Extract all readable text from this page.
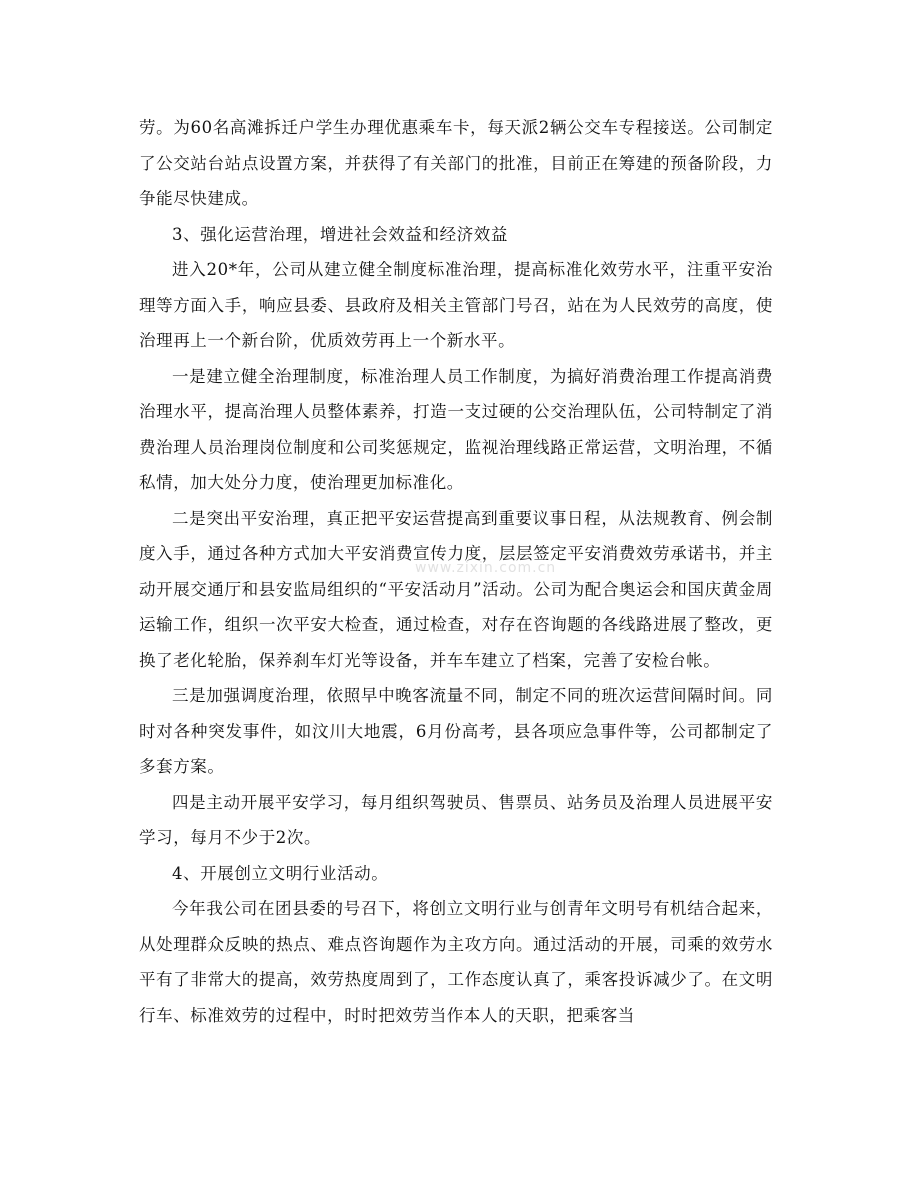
劳。为60名高滩拆迁户学生办理优惠乘车卡，每天派2辆公交车专程接送。公司制定了公交站台站点设置方案，并获得了有关部门的批准，目前正在筹建的预备阶段，力争能尽快建成。

3、强化运营治理，增进社会效益和经济效益

进入20*年，公司从建立健全制度标准治理，提高标准化效劳水平，注重平安治理等方面入手，响应县委、县政府及相关主管部门号召，站在为人民效劳的高度，使治理再上一个新台阶，优质效劳再上一个新水平。

一是建立健全治理制度，标准治理人员工作制度，为搞好消费治理工作提高消费治理水平，提高治理人员整体素养，打造一支过硬的公交治理队伍，公司特制定了消费治理人员治理岗位制度和公司奖惩规定，监视治理线路正常运营，文明治理，不循私情，加大处分力度，使治理更加标准化。

二是突出平安治理，真正把平安运营提高到重要议事日程，从法规教育、例会制度入手，通过各种方式加大平安消费宣传力度，层层签定平安消费效劳承诺书，并主动开展交通厅和县安监局组织的“平安活动月”活动。公司为配合奥运会和国庆黄金周运输工作，组织一次平安大检查，通过检查，对存在咨询题的各线路进展了整改，更换了老化轮胎，保养刹车灯光等设备，并车车建立了档案，完善了安检台帐。

三是加强调度治理，依照早中晚客流量不同，制定不同的班次运营间隔时间。同时对各种突发事件，如汶川大地震，6月份高考，县各项应急事件等，公司都制定了多套方案。

四是主动开展平安学习，每月组织驾驶员、售票员、站务员及治理人员进展平安学习，每月不少于2次。

4、开展创立文明行业活动。

今年我公司在团县委的号召下，将创立文明行业与创青年文明号有机结合起来，从处理群众反映的热点、难点咨询题作为主攻方向。通过活动的开展，司乘的效劳水平有了非常大的提高，效劳热度周到了，工作态度认真了，乘客投诉减少了。在文明行车、标准效劳的过程中，时时把效劳当作本人的天职，把乘客当

www.zixin.com.cn
